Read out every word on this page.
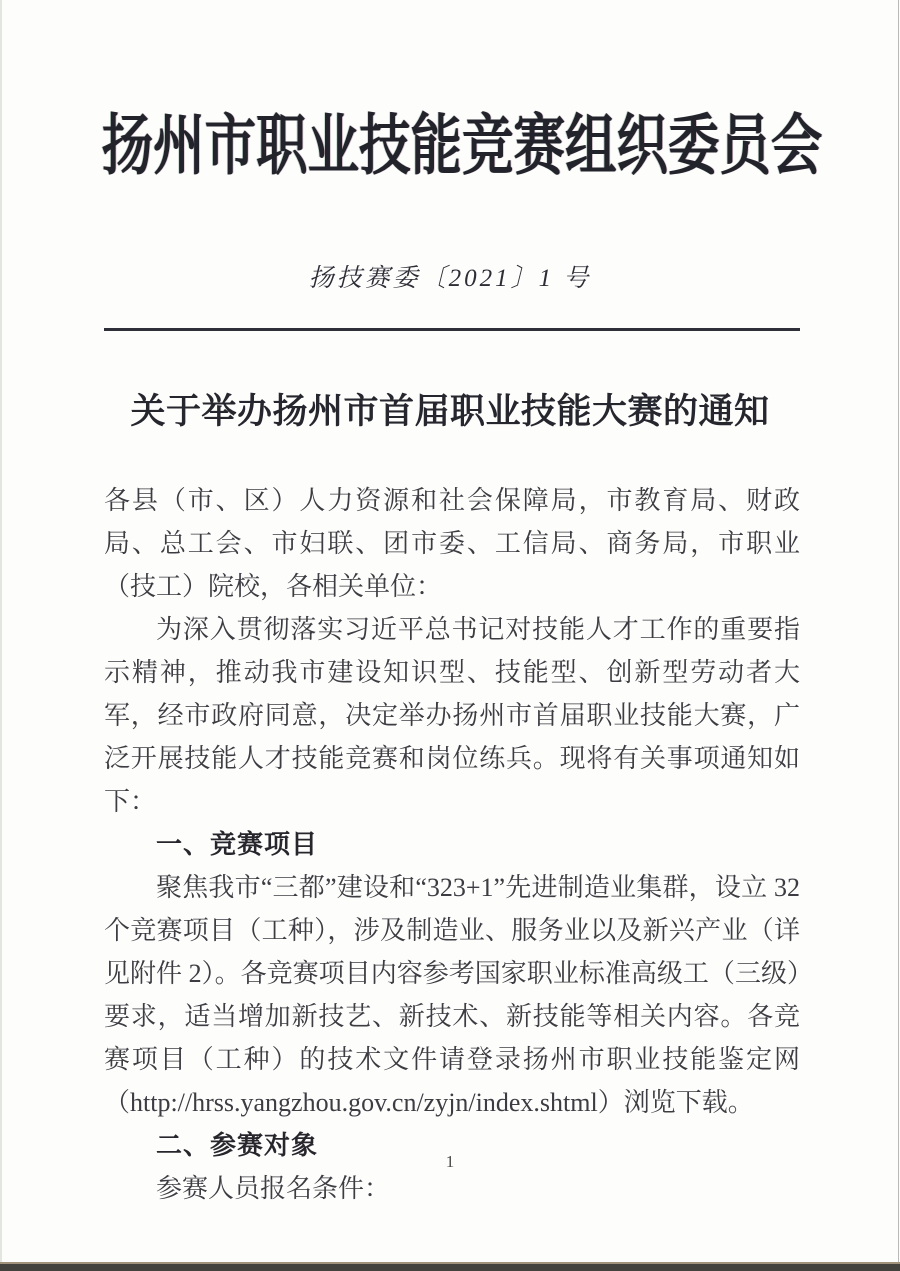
扬州市职业技能竞赛组织委员会
扬技赛委〔2021〕1 号
关于举办扬州市首届职业技能大赛的通知

各县（市、区）人力资源和社会保障局，市教育局、财政局、总工会、市妇联、团市委、工信局、商务局，市职业（技工）院校，各相关单位：

为深入贯彻落实习近平总书记对技能人才工作的重要指示精神，推动我市建设知识型、技能型、创新型劳动者大军，经市政府同意，决定举办扬州市首届职业技能大赛，广泛开展技能人才技能竞赛和岗位练兵。现将有关事项通知如下：

一、竞赛项目

聚焦我市“三都”建设和“323+1”先进制造业集群，设立 32 个竞赛项目（工种），涉及制造业、服务业以及新兴产业（详见附件 2）。各竞赛项目内容参考国家职业标准高级工（三级）要求，适当增加新技艺、新技术、新技能等相关内容。各竞赛项目（工种）的技术文件请登录扬州市职业技能鉴定网（http://hrss.yangzhou.gov.cn/zyjn/index.shtml）浏览下载。

二、参赛对象

参赛人员报名条件：

1
